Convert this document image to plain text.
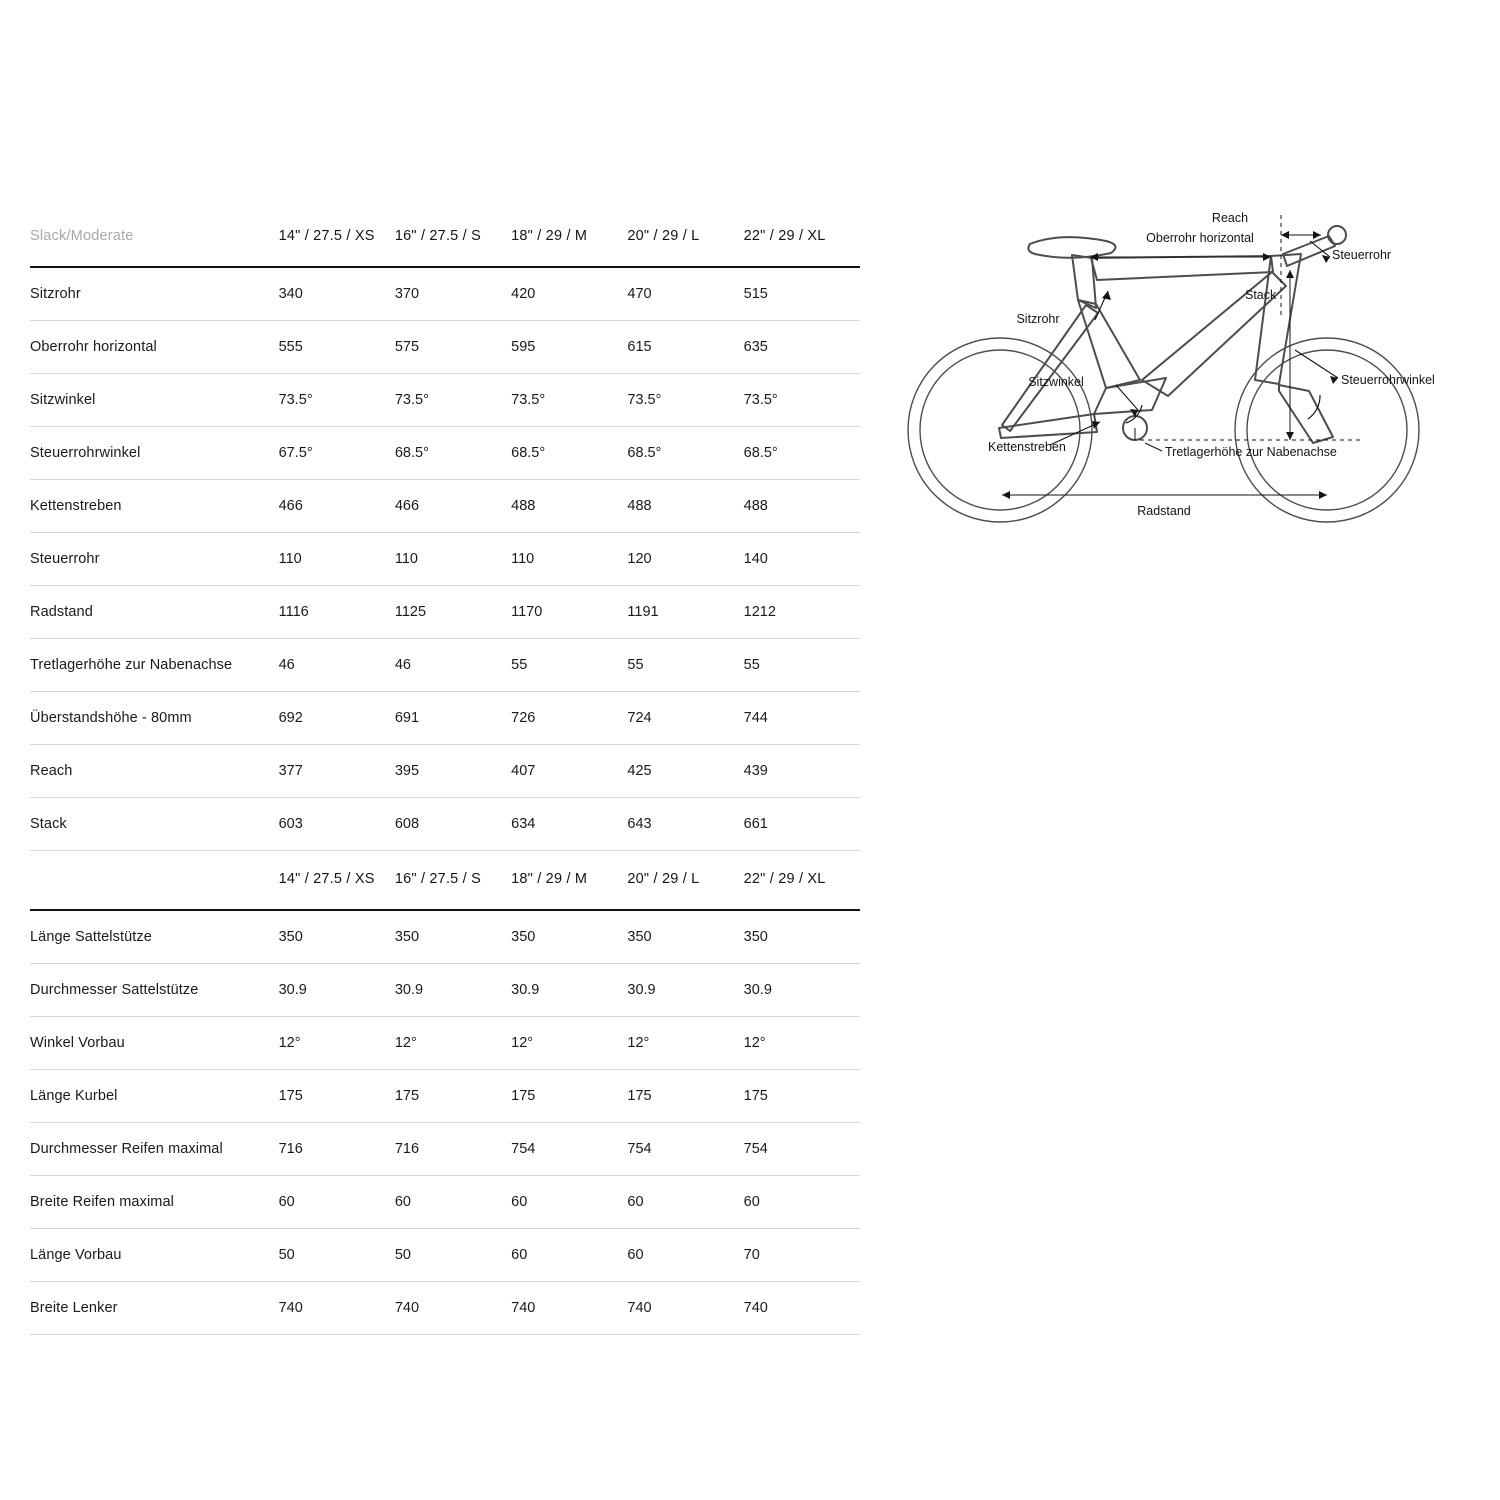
Slack/Moderate	14" / 27.5 / XS	16" / 27.5 / S	18" / 29 / M	20" / 29 / L	22" / 29 / XL
Sitzrohr	340	370	420	470	515
Oberrohr horizontal	555	575	595	615	635
Sitzwinkel	73.5°	73.5°	73.5°	73.5°	73.5°
Steuerrohrwinkel	67.5°	68.5°	68.5°	68.5°	68.5°
Kettenstreben	466	466	488	488	488
Steuerrohr	110	110	110	120	140
Radstand	1116	1125	1170	1191	1212
Tretlagerhöhe zur Nabenachse	46	46	55	55	55
Überstandshöhe - 80mm	692	691	726	724	744
Reach	377	395	407	425	439
Stack	603	608	634	643	661
	14" / 27.5 / XS	16" / 27.5 / S	18" / 29 / M	20" / 29 / L	22" / 29 / XL
Länge Sattelstütze	350	350	350	350	350
Durchmesser Sattelstütze	30.9	30.9	30.9	30.9	30.9
Winkel Vorbau	12°	12°	12°	12°	12°
Länge Kurbel	175	175	175	175	175
Durchmesser Reifen maximal	716	716	754	754	754
Breite Reifen maximal	60	60	60	60	60
Länge Vorbau	50	50	60	60	70
Breite Lenker	740	740	740	740	740
Reach
Oberrohr horizontal
Steuerrohr
Stack
Sitzrohr
Steuerrohrwinkel
Sitzwinkel
Kettenstreben	Tretlagerhöhe zur Nabenachse
Radstand
